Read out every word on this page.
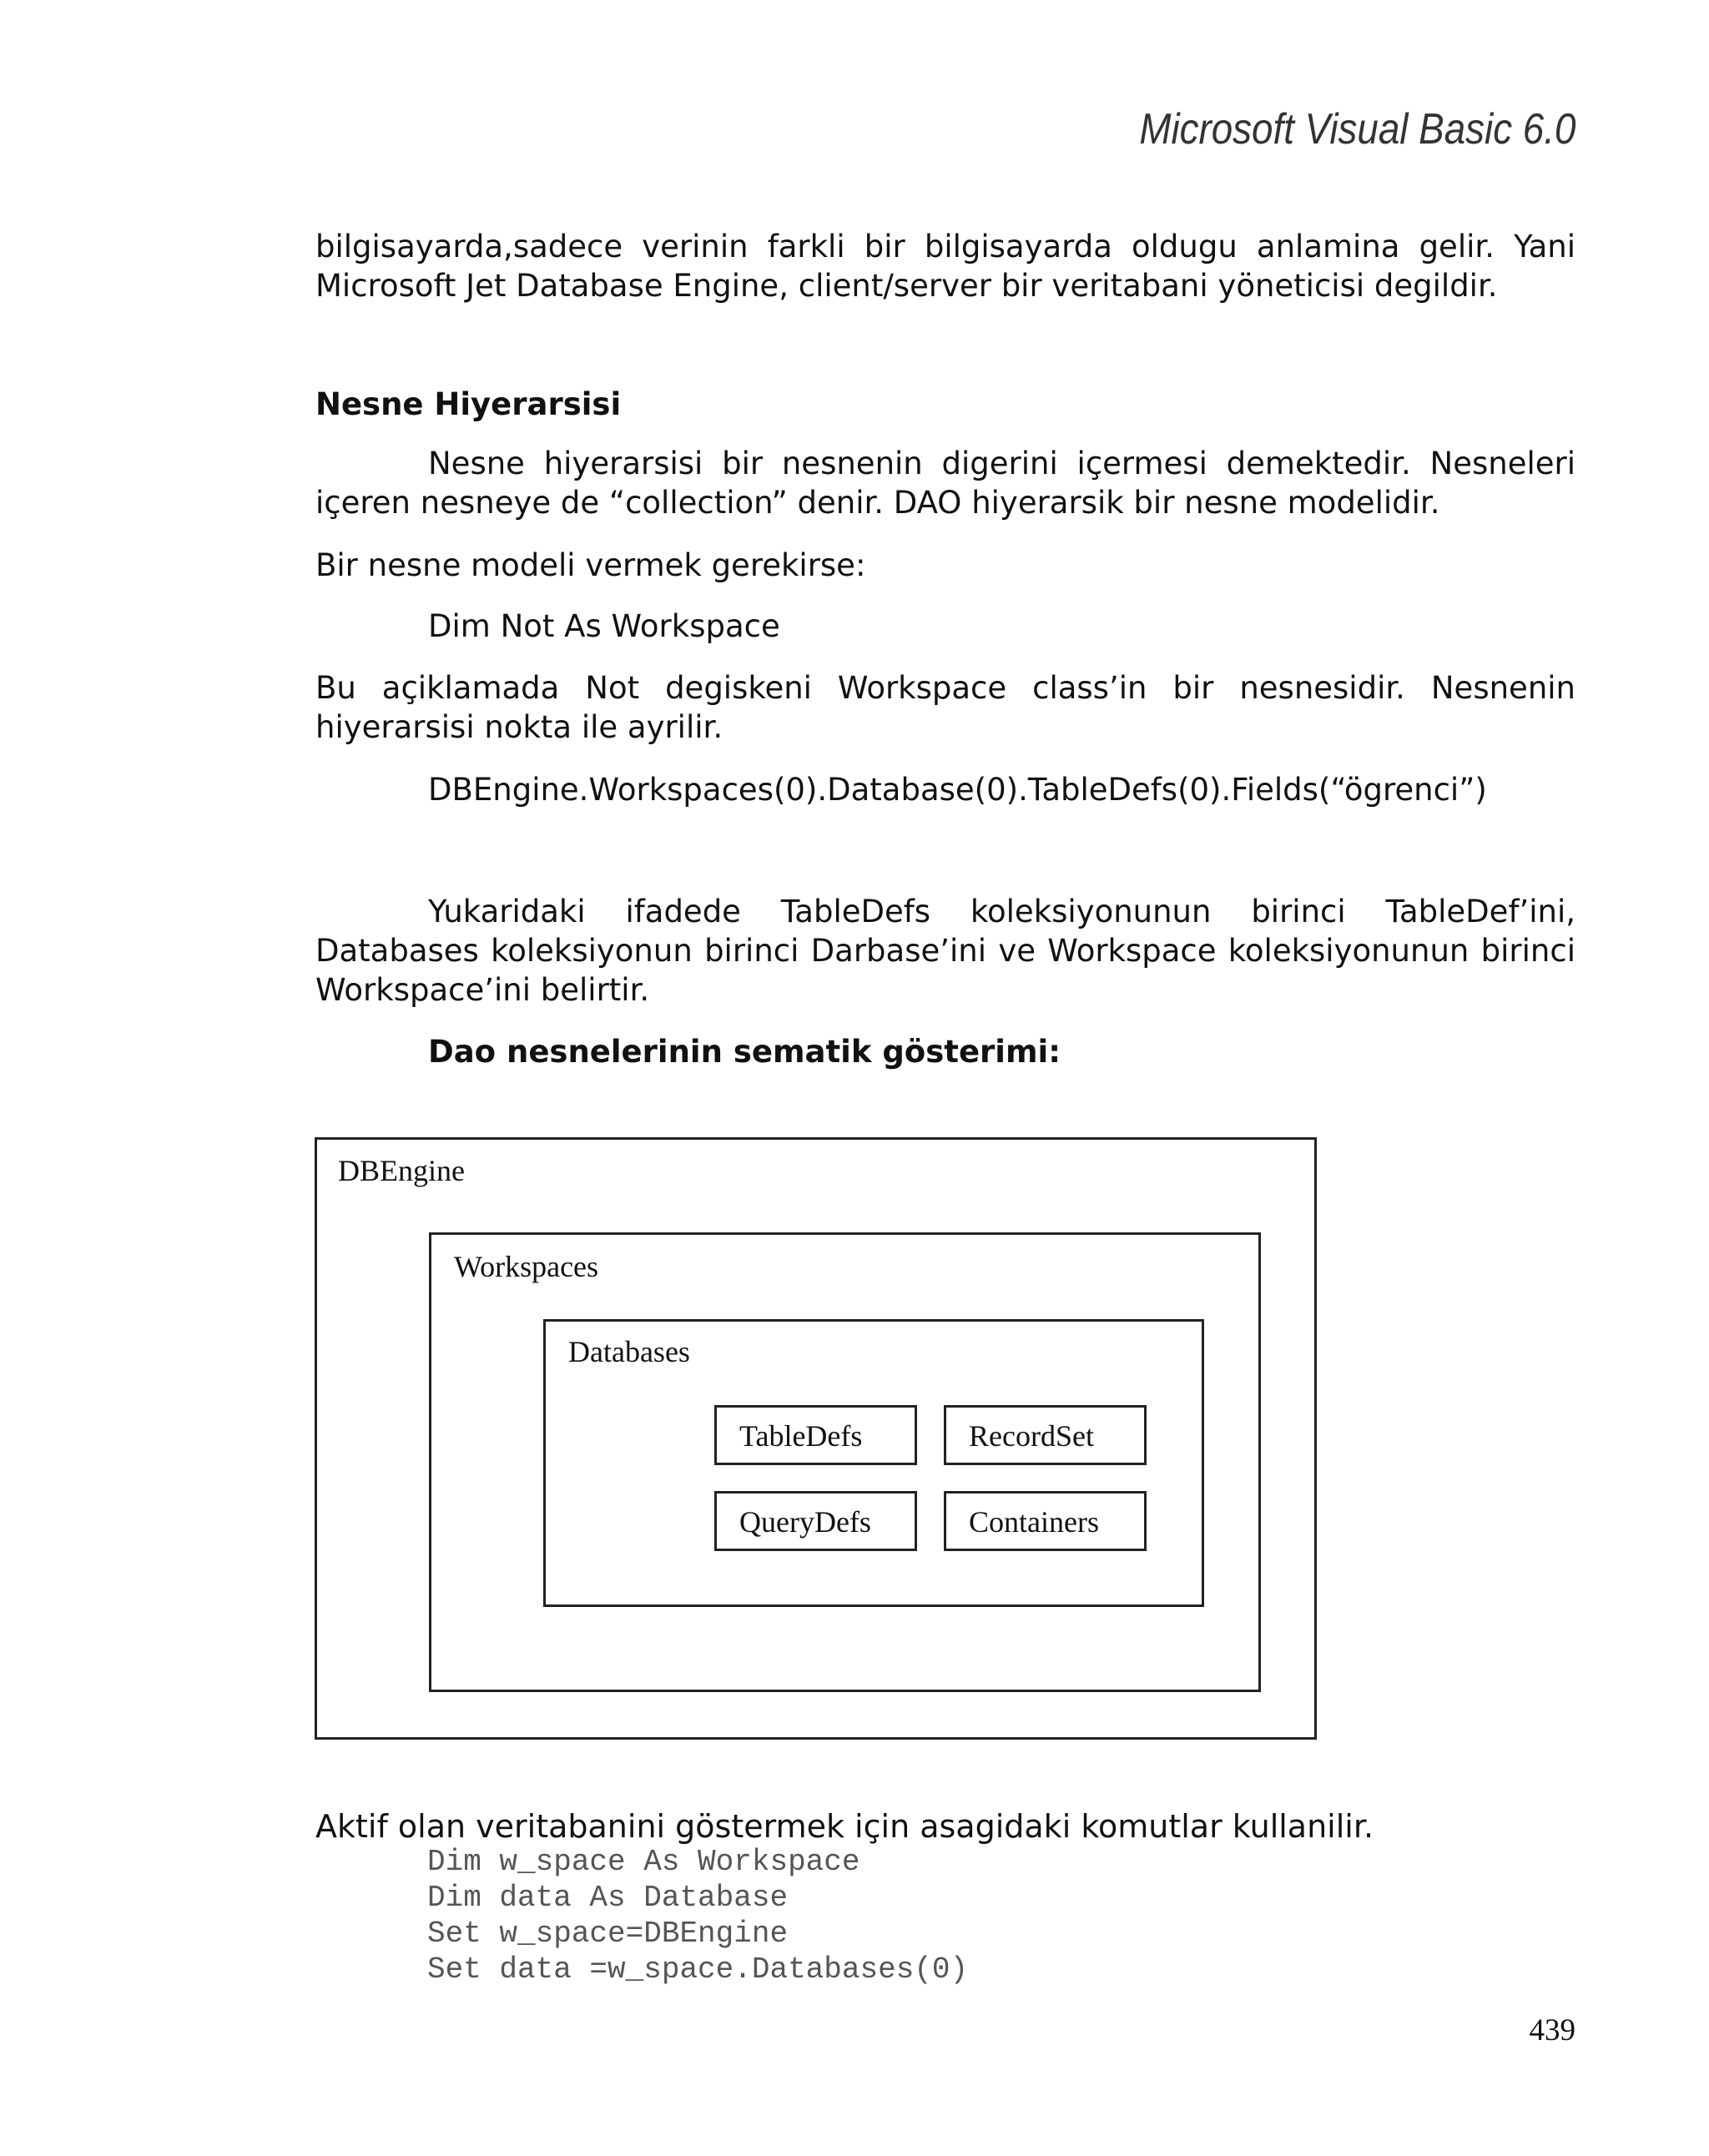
Microsoft Visual Basic 6.0

bilgisayarda,sadece verinin farkli bir bilgisayarda oldugu anlamina gelir. Yani Microsoft Jet Database Engine, client/server bir veritabani yöneticisi degildir.

Nesne Hiyerarsisi

Nesne hiyerarsisi bir nesnenin digerini içermesi demektedir. Nesneleri içeren nesneye de “collection” denir. DAO hiyerarsik bir nesne modelidir.

Bir nesne modeli vermek gerekirse:

Dim Not As Workspace

Bu açiklamada Not degiskeni Workspace class’in bir nesnesidir. Nesnenin hiyerarsisi nokta ile ayrilir.

DBEngine.Workspaces(0).Database(0).TableDefs(0).Fields(“ögrenci”)

Yukaridaki ifadede TableDefs koleksiyonunun birinci TableDef’ini, Databases koleksiyonun birinci Darbase’ini ve Workspace koleksiyonunun birinci Workspace’ini belirtir.

Dao nesnelerinin sematik gösterimi:
DBEngine
Workspaces
Databases
TableDefs	RecordSet
QueryDefs	Containers

Aktif olan veritabanini göstermek için asagidaki komutlar kullanilir.

Dim w_space As Workspace
Dim data As Database
Set w_space=DBEngine
Set data =w_space.Databases(0)
439
